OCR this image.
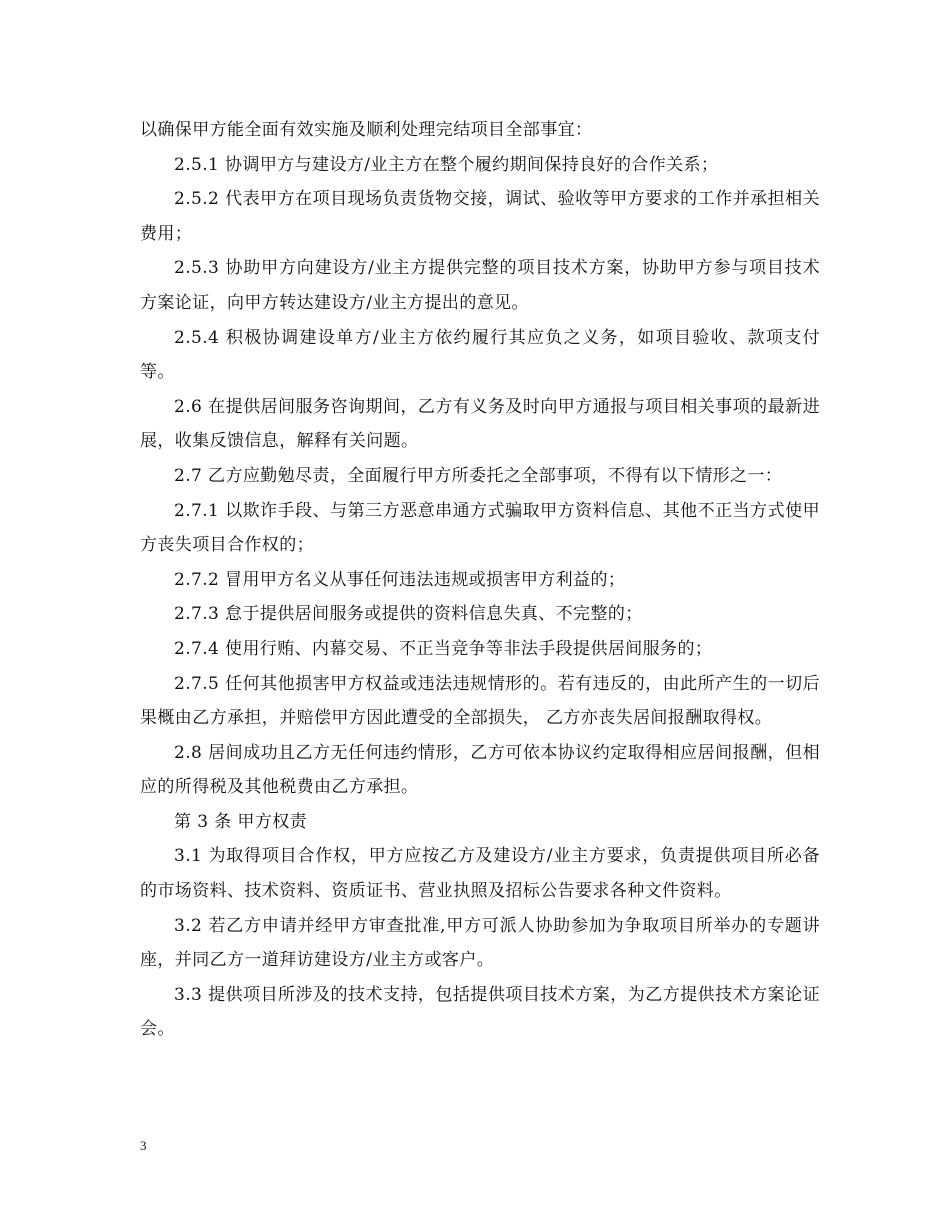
以确保甲方能全面有效实施及顺利处理完结项目全部事宜：

2.5.1 协调甲方与建设方/业主方在整个履约期间保持良好的合作关系；

2.5.2 代表甲方在项目现场负责货物交接，调试、验收等甲方要求的工作并承担相关费用；

2.5.3 协助甲方向建设方/业主方提供完整的项目技术方案，协助甲方参与项目技术方案论证，向甲方转达建设方/业主方提出的意见。

2.5.4 积极协调建设单方/业主方依约履行其应负之义务，如项目验收、款项支付等。

2.6 在提供居间服务咨询期间，乙方有义务及时向甲方通报与项目相关事项的最新进展，收集反馈信息，解释有关问题。

2.7 乙方应勤勉尽责，全面履行甲方所委托之全部事项，不得有以下情形之一：

2.7.1 以欺诈手段、与第三方恶意串通方式骗取甲方资料信息、其他不正当方式使甲方丧失项目合作权的；

2.7.2 冒用甲方名义从事任何违法违规或损害甲方利益的；

2.7.3 怠于提供居间服务或提供的资料信息失真、不完整的；

2.7.4 使用行贿、内幕交易、不正当竞争等非法手段提供居间服务的；

2.7.5 任何其他损害甲方权益或违法违规情形的。若有违反的，由此所产生的一切后果概由乙方承担，并赔偿甲方因此遭受的全部损失， 乙方亦丧失居间报酬取得权。

2.8 居间成功且乙方无任何违约情形，乙方可依本协议约定取得相应居间报酬，但相应的所得税及其他税费由乙方承担。

第 3 条 甲方权责

3.1 为取得项目合作权，甲方应按乙方及建设方/业主方要求，负责提供项目所必备的市场资料、技术资料、资质证书、营业执照及招标公告要求各种文件资料。

3.2 若乙方申请并经甲方审查批准,甲方可派人协助参加为争取项目所举办的专题讲座，并同乙方一道拜访建设方/业主方或客户。

3.3 提供项目所涉及的技术支持，包括提供项目技术方案，为乙方提供技术方案论证会。

3
